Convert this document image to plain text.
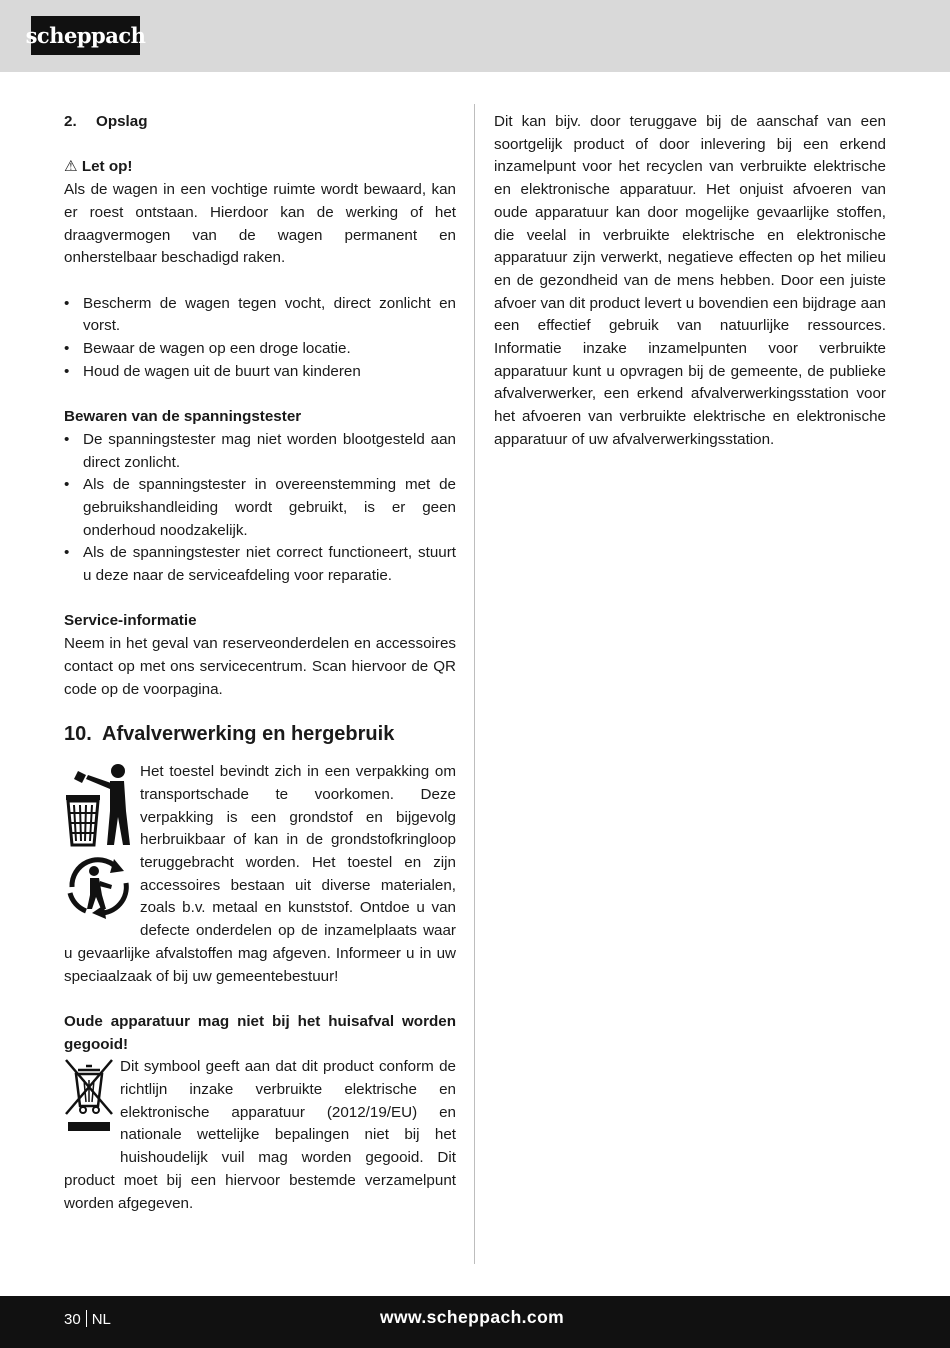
scheppach
2. Opslag
⚠ Let op!

Als de wagen in een vochtige ruimte wordt bewaard, kan er roest ontstaan. Hierdoor kan de werking of het draagvermogen van de wagen permanent en onherstelbaar beschadigd raken.

• Bescherm de wagen tegen vocht, direct zonlicht en vorst.
• Bewaar de wagen op een droge locatie.
• Houd de wagen uit de buurt van kinderen
Bewaren van de spanningstester
• De spanningstester mag niet worden blootgesteld aan direct zonlicht.
• Als de spanningstester in overeenstemming met de gebruikshandleiding wordt gebruikt, is er geen onderhoud noodzakelijk.
• Als de spanningstester niet correct functioneert, stuurt u deze naar de serviceafdeling voor reparatie.
Service-informatie

Neem in het geval van reserveonderdelen en accessoires contact op met ons servicecentrum. Scan hiervoor de QR code op de voorpagina.

10. Afvalverwerking en hergebruik

Het toestel bevindt zich in een verpakking om transportschade te voorkomen. Deze verpakking is een grondstof en bijgevolg herbruikbaar of kan in de grondstofkringloop teruggebracht worden. Het toestel en zijn accessoires bestaan uit diverse materialen, zoals b.v. metaal en kunststof. Ontdoe u van defecte onderdelen op de inzamelplaats waar u gevaarlijke afvalstoffen mag afgeven. Informeer u in uw speciaalzaak of bij uw gemeentebestuur!

Oude apparatuur mag niet bij het huisafval worden gegooid!

Dit symbool geeft aan dat dit product conform de richtlijn inzake verbruikte elektrische en elektronische apparatuur (2012/19/EU) en nationale wettelijke bepalingen niet bij het huishoudelijk vuil mag worden gegooid. Dit product moet bij een hiervoor bestemde verzamelpunt worden afgegeven.

Dit kan bijv. door teruggave bij de aanschaf van een soortgelijk product of door inlevering bij een erkend inzamelpunt voor het recyclen van verbruikte elektrische en elektronische apparatuur. Het onjuist afvoeren van oude apparatuur kan door mogelijke gevaarlijke stoffen, die veelal in verbruikte elektrische en elektronische apparatuur zijn verwerkt, negatieve effecten op het milieu en de gezondheid van de mens hebben. Door een juiste afvoer van dit product levert u bovendien een bijdrage aan een effectief gebruik van natuurlijke ressources. Informatie inzake inzamelpunten voor verbruikte apparatuur kunt u opvragen bij de gemeente, de publieke afvalverwerker, een erkend afvalverwerkingsstation voor het afvoeren van verbruikte elektrische en elektronische apparatuur of uw afvalverwerkingsstation.

30 NL	www.scheppach.com
